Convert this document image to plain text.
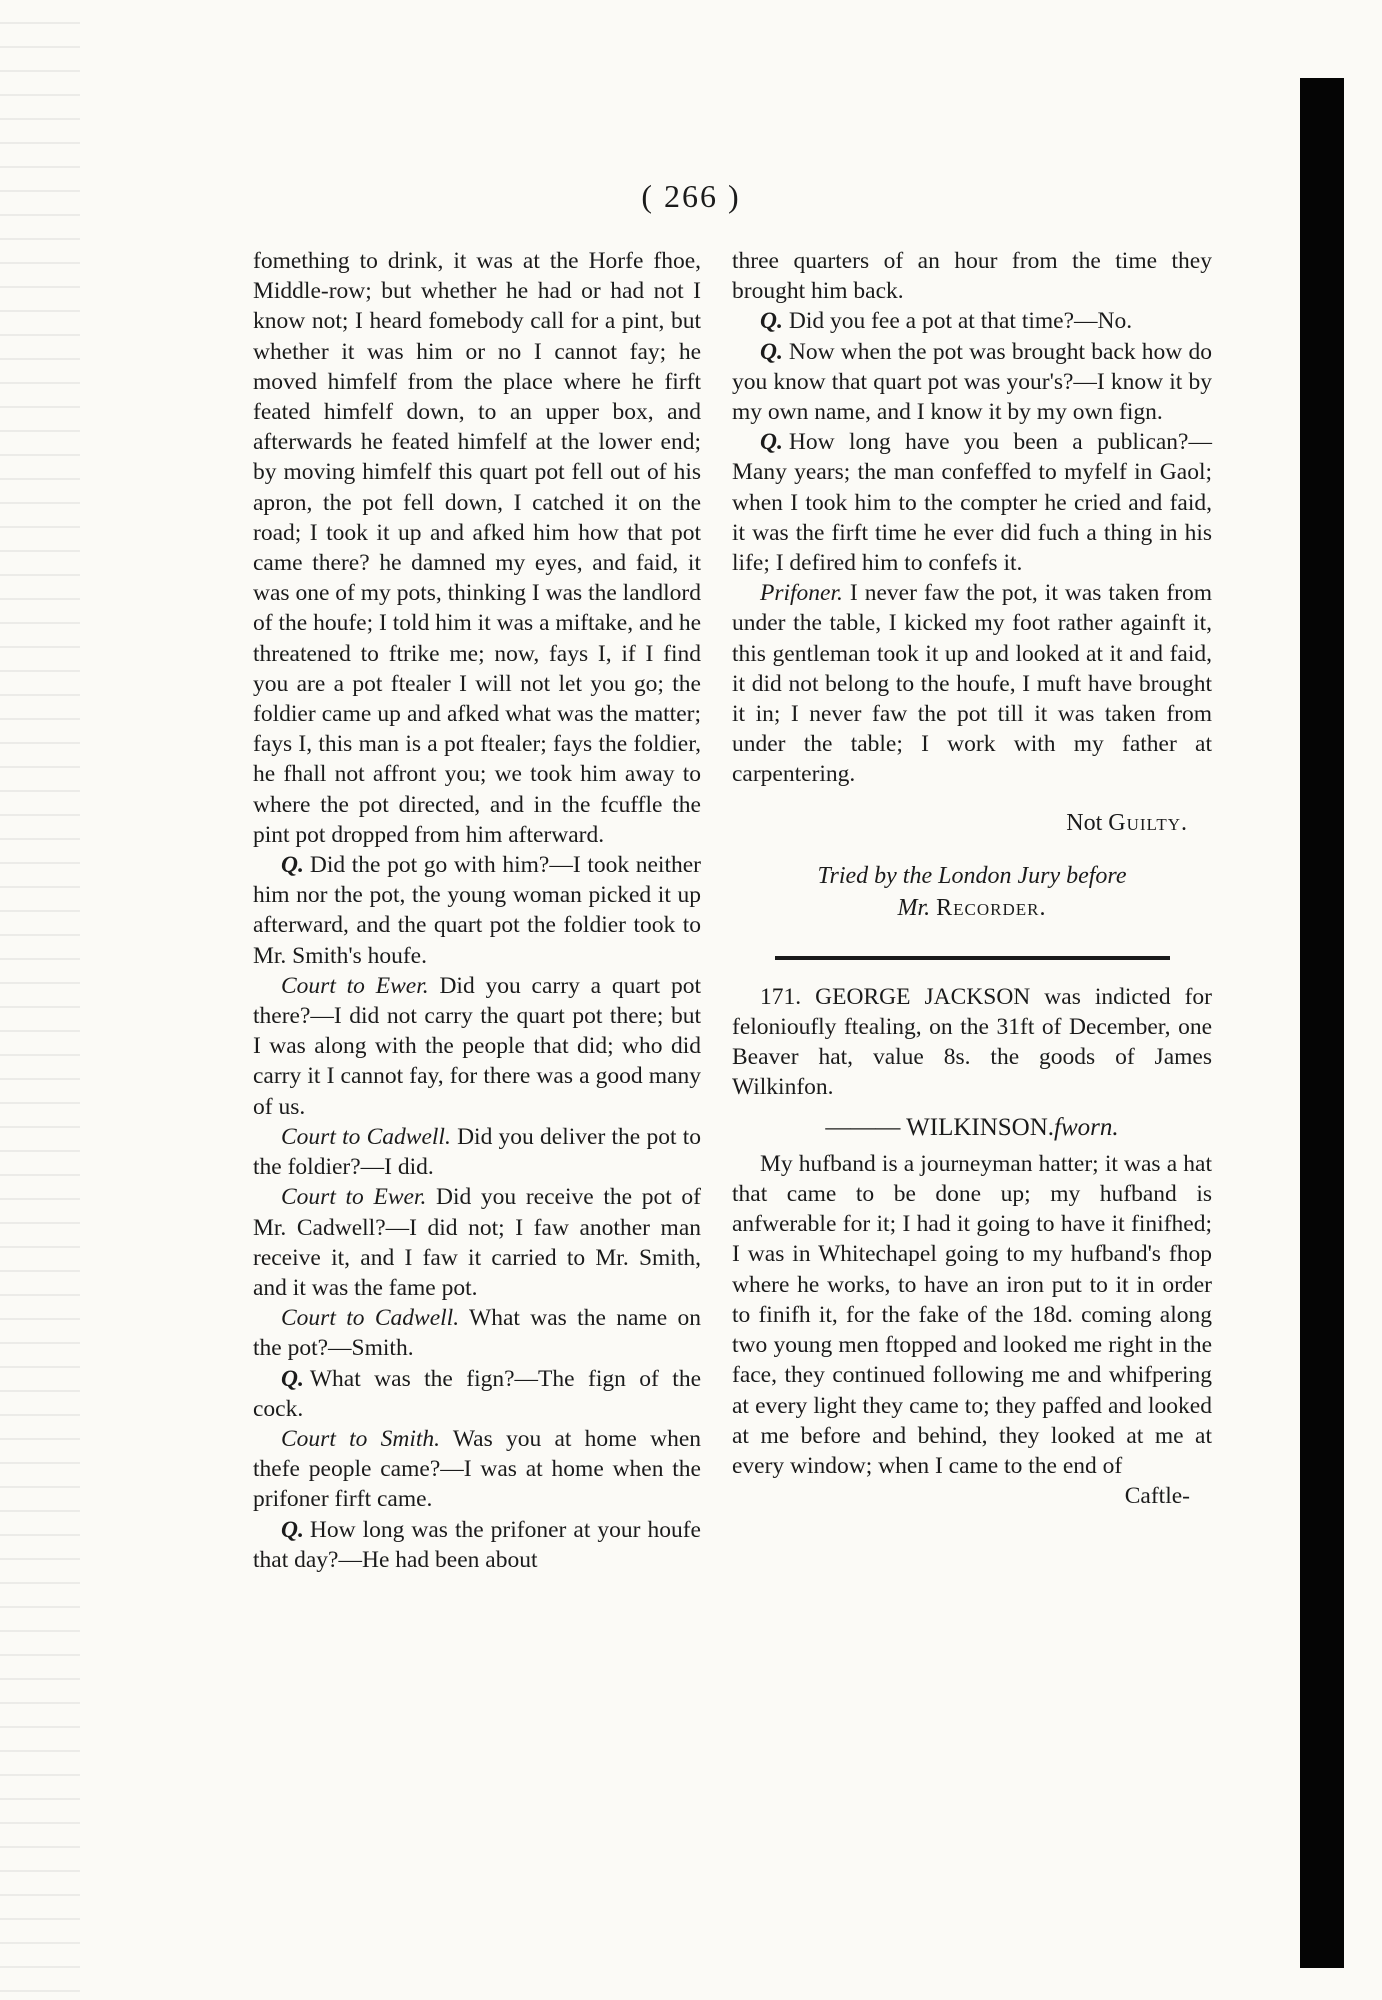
( 266 )

fomething to drink, it was at the Horfe fhoe, Middle-row; but whether he had or had not I know not; I heard fomebody call for a pint, but whether it was him or no I cannot fay; he moved himfelf from the place where he firft feated himfelf down, to an upper box, and afterwards he feated himfelf at the lower end; by moving himfelf this quart pot fell out of his apron, the pot fell down, I catched it on the road; I took it up and afked him how that pot came there? he damned my eyes, and faid, it was one of my pots, thinking I was the landlord of the houfe; I told him it was a miftake, and he threatened to ftrike me; now, fays I, if I find you are a pot ftealer I will not let you go; the foldier came up and afked what was the matter; fays I, this man is a pot ftealer; fays the foldier, he fhall not affront you; we took him away to where the pot directed, and in the fcuffle the pint pot dropped from him afterward.

Q. Did the pot go with him?—I took neither him nor the pot, the young woman picked it up afterward, and the quart pot the foldier took to Mr. Smith's houfe.

Court to Ewer. Did you carry a quart pot there?—I did not carry the quart pot there; but I was along with the people that did; who did carry it I cannot fay, for there was a good many of us.

Court to Cadwell. Did you deliver the pot to the foldier?—I did.

Court to Ewer. Did you receive the pot of Mr. Cadwell?—I did not; I faw another man receive it, and I faw it carried to Mr. Smith, and it was the fame pot.

Court to Cadwell. What was the name on the pot?—Smith.

Q. What was the fign?—The fign of the cock.

Court to Smith. Was you at home when thefe people came?—I was at home when the prifoner firft came.

Q. How long was the prifoner at your houfe that day?—He had been about

three quarters of an hour from the time they brought him back.

Q. Did you fee a pot at that time?—No.

Q. Now when the pot was brought back how do you know that quart pot was your's?—I know it by my own name, and I know it by my own fign.

Q. How long have you been a publican?—Many years; the man confeffed to myfelf in Gaol; when I took him to the compter he cried and faid, it was the firft time he ever did fuch a thing in his life; I defired him to confefs it.

Prifoner. I never faw the pot, it was taken from under the table, I kicked my foot rather againft it, this gentleman took it up and looked at it and faid, it did not belong to the houfe, I muft have brought it in; I never faw the pot till it was taken from under the table; I work with my father at carpentering.

Not Guilty.
Tried by the London Jury before
Mr. Recorder.

171. GEORGE JACKSON was indicted for felonioufly ftealing, on the 31ft of December, one Beaver hat, value 8s. the goods of James Wilkinfon.

——— WILKINSON.fworn.

My hufband is a journeyman hatter; it was a hat that came to be done up; my hufband is anfwerable for it; I had it going to have it finifhed; I was in Whitechapel going to my hufband's fhop where he works, to have an iron put to it in order to finifh it, for the fake of the 18d. coming along two young men ftopped and looked me right in the face, they continued following me and whifpering at every light they came to; they paffed and looked at me before and behind, they looked at me at every window; when I came to the end of

Caftle-
